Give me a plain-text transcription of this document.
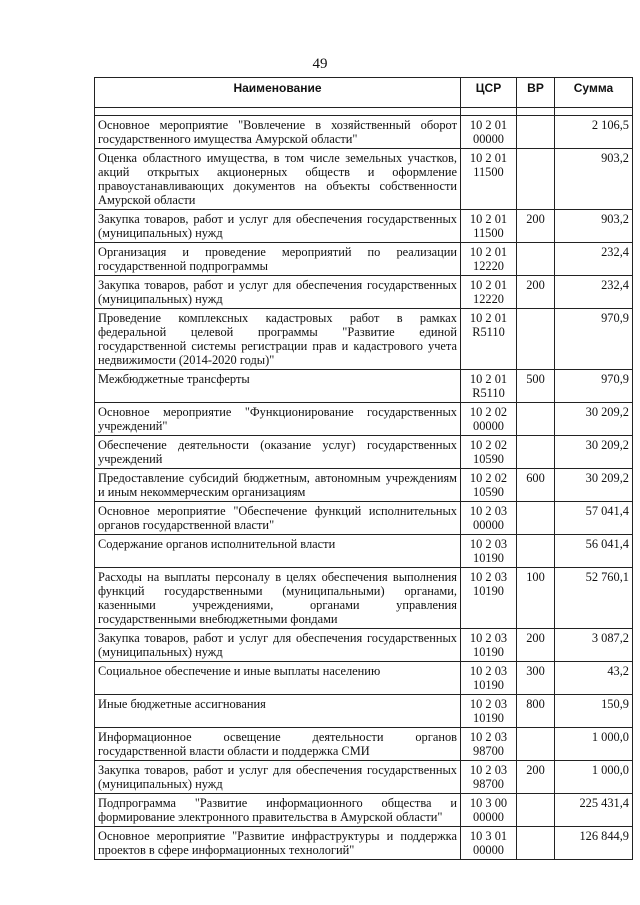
49
Наименование	ЦСР	ВР	Сумма

Основное мероприятие "Вовлечение в хозяйственный оборот государственного имущества Амурской области"	10 2 01
00000		2 106,5
Оценка областного имущества, в том числе земельных участков, акций открытых акционерных обществ и оформление правоустанавливающих документов на объекты собственности Амурской области	10 2 01
11500		903,2
Закупка товаров, работ и услуг для обеспечения государственных (муниципальных) нужд	10 2 01
11500	200	903,2
Организация и проведение мероприятий по реализации государственной подпрограммы	10 2 01
12220		232,4
Закупка товаров, работ и услуг для обеспечения государственных (муниципальных) нужд	10 2 01
12220	200	232,4
Проведение комплексных кадастровых работ в рамках федеральной целевой программы "Развитие единой государственной системы регистрации прав и кадастрового учета недвижимости (2014-2020 годы)"	10 2 01
R5110		970,9
Межбюджетные трансферты	10 2 01
R5110	500	970,9
Основное мероприятие "Функционирование государственных учреждений"	10 2 02
00000		30 209,2
Обеспечение деятельности (оказание услуг) государственных учреждений	10 2 02
10590		30 209,2
Предоставление субсидий бюджетным, автономным учреждениям и иным некоммерческим организациям	10 2 02
10590	600	30 209,2
Основное мероприятие "Обеспечение функций исполнительных органов государственной власти"	10 2 03
00000		57 041,4
Содержание органов исполнительной власти	10 2 03
10190		56 041,4
Расходы на выплаты персоналу в целях обеспечения выполнения функций государственными (муниципальными) органами, казенными учреждениями, органами управления государственными внебюджетными фондами	10 2 03
10190	100	52 760,1
Закупка товаров, работ и услуг для обеспечения государственных (муниципальных) нужд	10 2 03
10190	200	3 087,2
Социальное обеспечение и иные выплаты населению	10 2 03
10190	300	43,2
Иные бюджетные ассигнования	10 2 03
10190	800	150,9
Информационное освещение деятельности органов государственной власти области и поддержка СМИ	10 2 03
98700		1 000,0
Закупка товаров, работ и услуг для обеспечения государственных (муниципальных) нужд	10 2 03
98700	200	1 000,0
Подпрограмма "Развитие информационного общества и формирование электронного правительства в Амурской области"	10 3 00
00000		225 431,4
Основное мероприятие "Развитие инфраструктуры и поддержка проектов в сфере информационных технологий"	10 3 01
00000		126 844,9
